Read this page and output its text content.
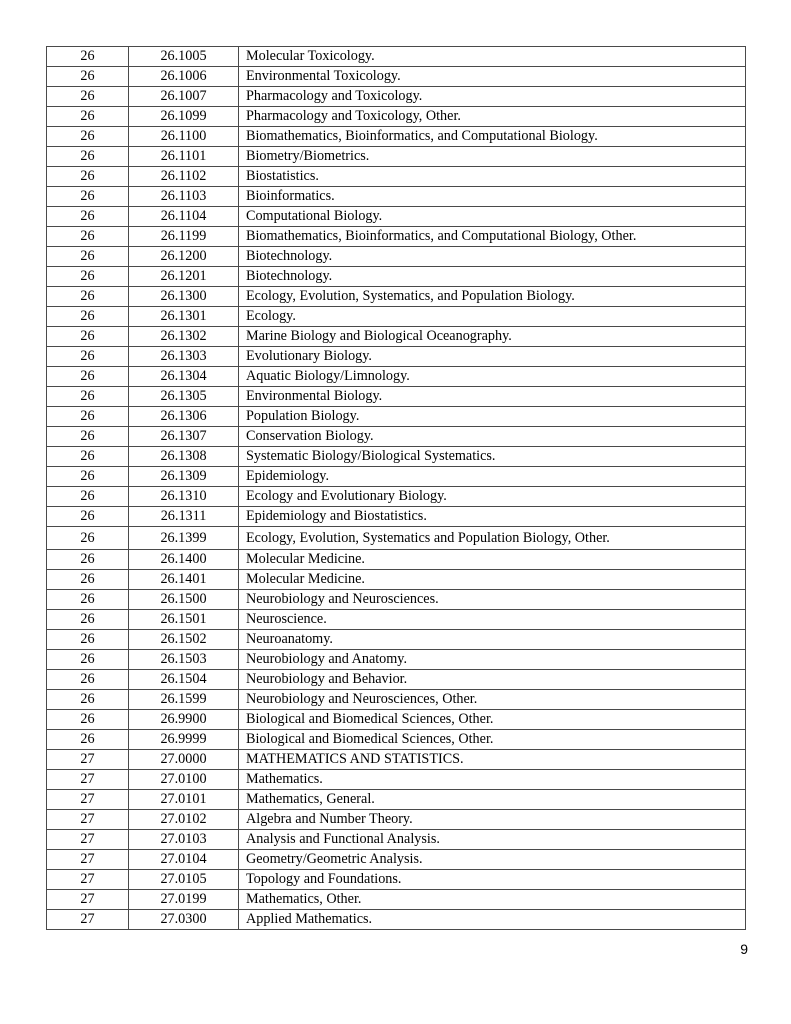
26	26.1005	Molecular Toxicology.
26	26.1006	Environmental Toxicology.
26	26.1007	Pharmacology and Toxicology.
26	26.1099	Pharmacology and Toxicology, Other.
26	26.1100	Biomathematics, Bioinformatics, and Computational Biology.
26	26.1101	Biometry/Biometrics.
26	26.1102	Biostatistics.
26	26.1103	Bioinformatics.
26	26.1104	Computational Biology.
26	26.1199	Biomathematics, Bioinformatics, and Computational Biology, Other.
26	26.1200	Biotechnology.
26	26.1201	Biotechnology.
26	26.1300	Ecology, Evolution, Systematics, and Population Biology.
26	26.1301	Ecology.
26	26.1302	Marine Biology and Biological Oceanography.
26	26.1303	Evolutionary Biology.
26	26.1304	Aquatic Biology/Limnology.
26	26.1305	Environmental Biology.
26	26.1306	Population Biology.
26	26.1307	Conservation Biology.
26	26.1308	Systematic Biology/Biological Systematics.
26	26.1309	Epidemiology.
26	26.1310	Ecology and Evolutionary Biology.
26	26.1311	Epidemiology and Biostatistics.
26	26.1399	Ecology, Evolution, Systematics and Population Biology, Other.
26	26.1400	Molecular Medicine.
26	26.1401	Molecular Medicine.
26	26.1500	Neurobiology and Neurosciences.
26	26.1501	Neuroscience.
26	26.1502	Neuroanatomy.
26	26.1503	Neurobiology and Anatomy.
26	26.1504	Neurobiology and Behavior.
26	26.1599	Neurobiology and Neurosciences, Other.
26	26.9900	Biological and Biomedical Sciences, Other.
26	26.9999	Biological and Biomedical Sciences, Other.
27	27.0000	MATHEMATICS AND STATISTICS.
27	27.0100	Mathematics.
27	27.0101	Mathematics, General.
27	27.0102	Algebra and Number Theory.
27	27.0103	Analysis and Functional Analysis.
27	27.0104	Geometry/Geometric Analysis.
27	27.0105	Topology and Foundations.
27	27.0199	Mathematics, Other.
27	27.0300	Applied Mathematics.
9
